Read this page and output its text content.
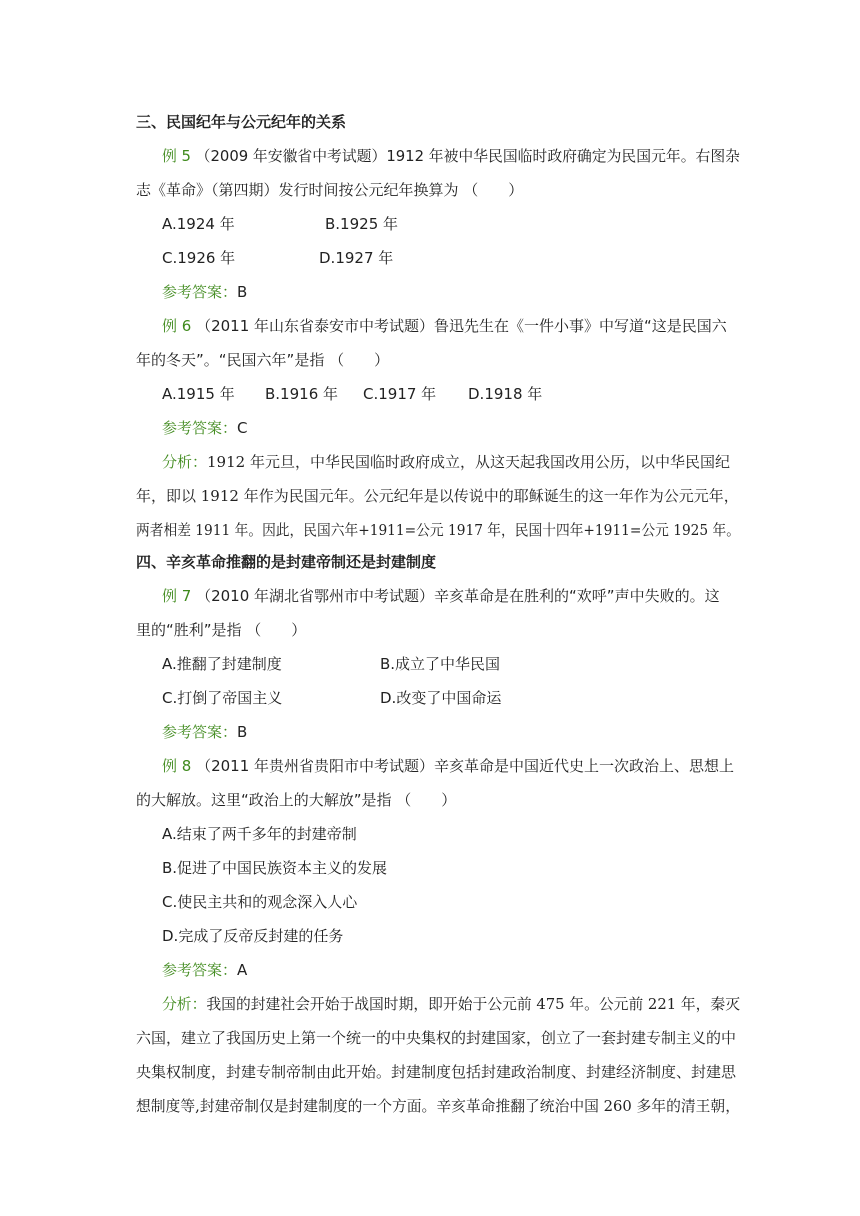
三、民国纪年与公元纪年的关系
例 5 （2009 年安徽省中考试题）1912 年被中华民国临时政府确定为民国元年。右图杂
志《革命》（第四期）发行时间按公元纪年换算为 （　　）
A.1924 年	B.1925 年
C.1926 年	D.1927 年
参考答案：B
例 6 （2011 年山东省泰安市中考试题）鲁迅先生在《一件小事》中写道“这是民国六
年的冬天”。“民国六年”是指 （　　）
A.1915 年 B.1916 年 C.1917 年 D.1918 年
参考答案：C
分析：1912 年元旦，中华民国临时政府成立，从这天起我国改用公历，以中华民国纪
年，即以 1912 年作为民国元年。公元纪年是以传说中的耶稣诞生的这一年作为公元元年，
两者相差 1911 年。因此，民国六年+1911=公元 1917 年，民国十四年+1911=公元 1925 年。
四、辛亥革命推翻的是封建帝制还是封建制度
例 7 （2010 年湖北省鄂州市中考试题）辛亥革命是在胜利的“欢呼”声中失败的。这
里的“胜利”是指 （　　）
A.推翻了封建制度	B.成立了中华民国
C.打倒了帝国主义	D.改变了中国命运
参考答案：B
例 8 （2011 年贵州省贵阳市中考试题）辛亥革命是中国近代史上一次政治上、思想上
的大解放。这里“政治上的大解放”是指 （　　）
A.结束了两千多年的封建帝制
B.促进了中国民族资本主义的发展
C.使民主共和的观念深入人心
D.完成了反帝反封建的任务
参考答案：A
分析：我国的封建社会开始于战国时期，即开始于公元前 475 年。公元前 221 年，秦灭
六国，建立了我国历史上第一个统一的中央集权的封建国家，创立了一套封建专制主义的中
央集权制度，封建专制帝制由此开始。封建制度包括封建政治制度、封建经济制度、封建思
想制度等,封建帝制仅是封建制度的一个方面。辛亥革命推翻了统治中国 260 多年的清王朝，
